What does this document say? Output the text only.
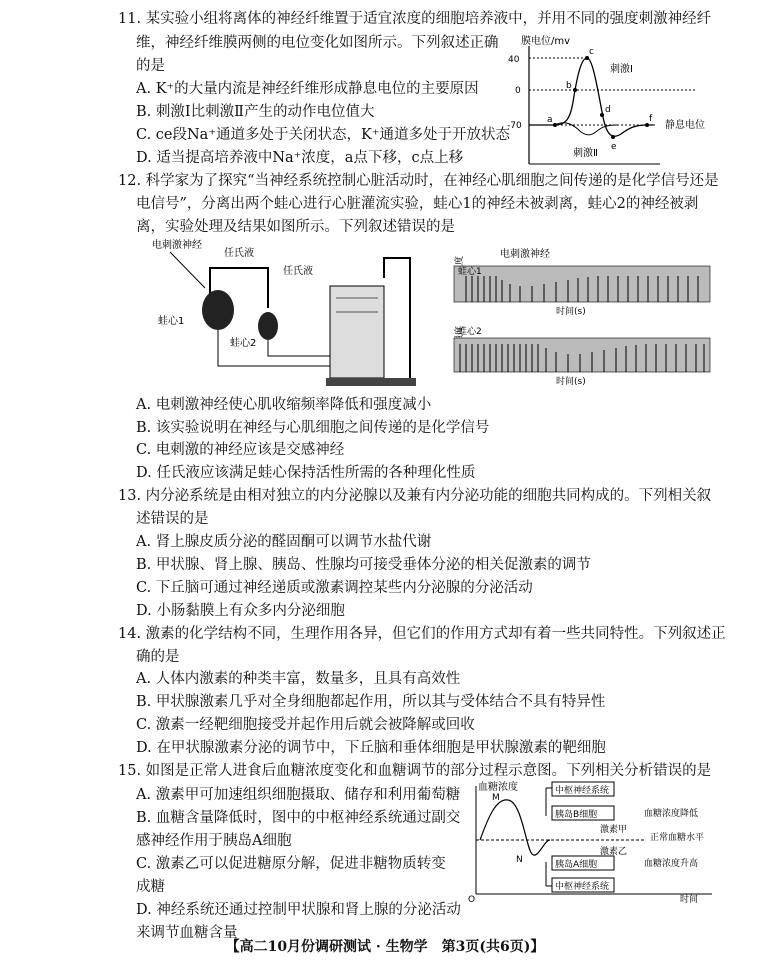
11. 某实验小组将离体的神经纤维置于适宜浓度的细胞培养液中，并用不同的强度刺激神经纤
维，神经纤维膜两侧的电位变化如图所示。下列叙述正确
的是
A. K⁺的大量内流是神经纤维形成静息电位的主要原因
B. 刺激Ⅰ比刺激Ⅱ产生的动作电位值大
C. ce段Na⁺通道多处于关闭状态，K⁺通道多处于开放状态
D. 适当提高培养液中Na⁺浓度，a点下移，c点上移
膜电位/mv
40
0
-70
a
b
c
d
e
f
刺激Ⅰ
刺激Ⅱ
静息电位
12. 科学家为了探究“当神经系统控制心脏活动时，在神经心肌细胞之间传递的是化学信号还是
电信号”，分离出两个蛙心进行心脏灌流实验，蛙心1的神经未被剥离，蛙心2的神经被剥
离，实验处理及结果如图所示。下列叙述错误的是
电刺激神经
任氏液
任氏液
蛙心1
蛙心2
电刺激神经
蛙心1
时间(s)
蛙心2
时间(s)
A. 电刺激神经使心肌收缩频率降低和强度减小
B. 该实验说明在神经与心肌细胞之间传递的是化学信号
C. 电刺激的神经应该是交感神经
D. 任氏液应该满足蛙心保持活性所需的各种理化性质
13. 内分泌系统是由相对独立的内分泌腺以及兼有内分泌功能的细胞共同构成的。下列相关叙
述错误的是
A. 肾上腺皮质分泌的醛固酮可以调节水盐代谢
B. 甲状腺、肾上腺、胰岛、性腺均可接受垂体分泌的相关促激素的调节
C. 下丘脑可通过神经递质或激素调控某些内分泌腺的分泌活动
D. 小肠黏膜上有众多内分泌细胞
14. 激素的化学结构不同，生理作用各异，但它们的作用方式却有着一些共同特性。下列叙述正
确的是
A. 人体内激素的种类丰富，数量多，且具有高效性
B. 甲状腺激素几乎对全身细胞都起作用，所以其与受体结合不具有特异性
C. 激素一经靶细胞接受并起作用后就会被降解或回收
D. 在甲状腺激素分泌的调节中，下丘脑和垂体细胞是甲状腺激素的靶细胞
15. 如图是正常人进食后血糖浓度变化和血糖调节的部分过程示意图。下列相关分析错误的是
A. 激素甲可加速组织细胞摄取、储存和利用葡萄糖
B. 血糖含量降低时，图中的中枢神经系统通过副交
感神经作用于胰岛A细胞
C. 激素乙可以促进糖原分解，促进非糖物质转变
成糖
D. 神经系统还通过控制甲状腺和肾上腺的分泌活动
来调节血糖含量
血糖浓度
O	时间
M
N
中枢神经系统
胰岛B细胞
胰岛A细胞
中枢神经系统
激素甲
激素乙
血糖浓度降低
正常血糖水平
血糖浓度升高
【高二10月份调研测试 · 生物学　第3页(共6页)】
